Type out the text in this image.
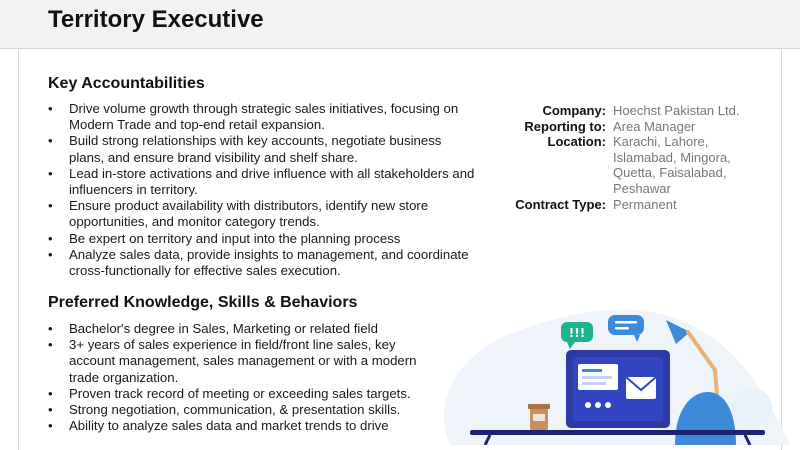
Territory Executive
Key Accountabilities
• Drive volume growth through strategic sales initiatives, focusing on Modern Trade and top-end retail expansion.
• Build strong relationships with key accounts, negotiate business plans, and ensure brand visibility and shelf share.
• Lead in-store activations and drive influence with all stakeholders and influencers in territory.
• Ensure product availability with distributors, identify new store opportunities, and monitor category trends.
• Be expert on territory and input into the planning process
• Analyze sales data, provide insights to management, and coordinate cross-functionally for effective sales execution.
Preferred Knowledge, Skills & Behaviors
• Bachelor's degree in Sales, Marketing or related field
• 3+ years of sales experience in field/front line sales, key account management, sales management or with a modern trade organization.
• Proven track record of meeting or exceeding sales targets.
• Strong negotiation, communication, & presentation skills.
• Ability to analyze sales data and market trends to drive
Company: Hoechst Pakistan Ltd.
Reporting to: Area Manager
Location: Karachi, Lahore, Islamabad, Mingora, Quetta, Faisalabad, Peshawar
Contract Type: Permanent
!!!
